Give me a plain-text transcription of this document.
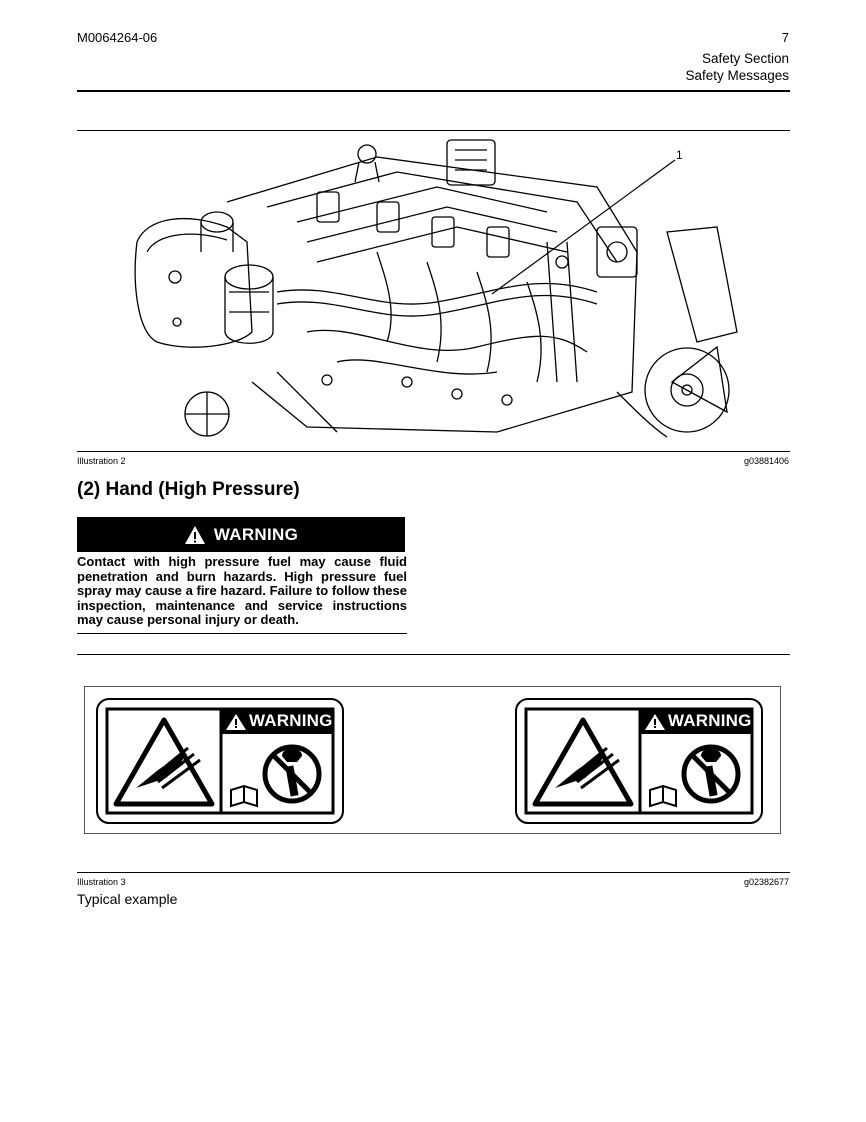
M0064264-06	7
Safety Section
Safety Messages
1
Illustration 2	g03881406
(2) Hand (High Pressure)
WARNING
Contact with high pressure fuel may cause fluid penetration and burn hazards. High pressure fuel spray may cause a fire hazard. Failure to follow these inspection, maintenance and service instructions may cause personal injury or death.
WARNING	WARNING
Illustration 3	g02382677
Typical example
